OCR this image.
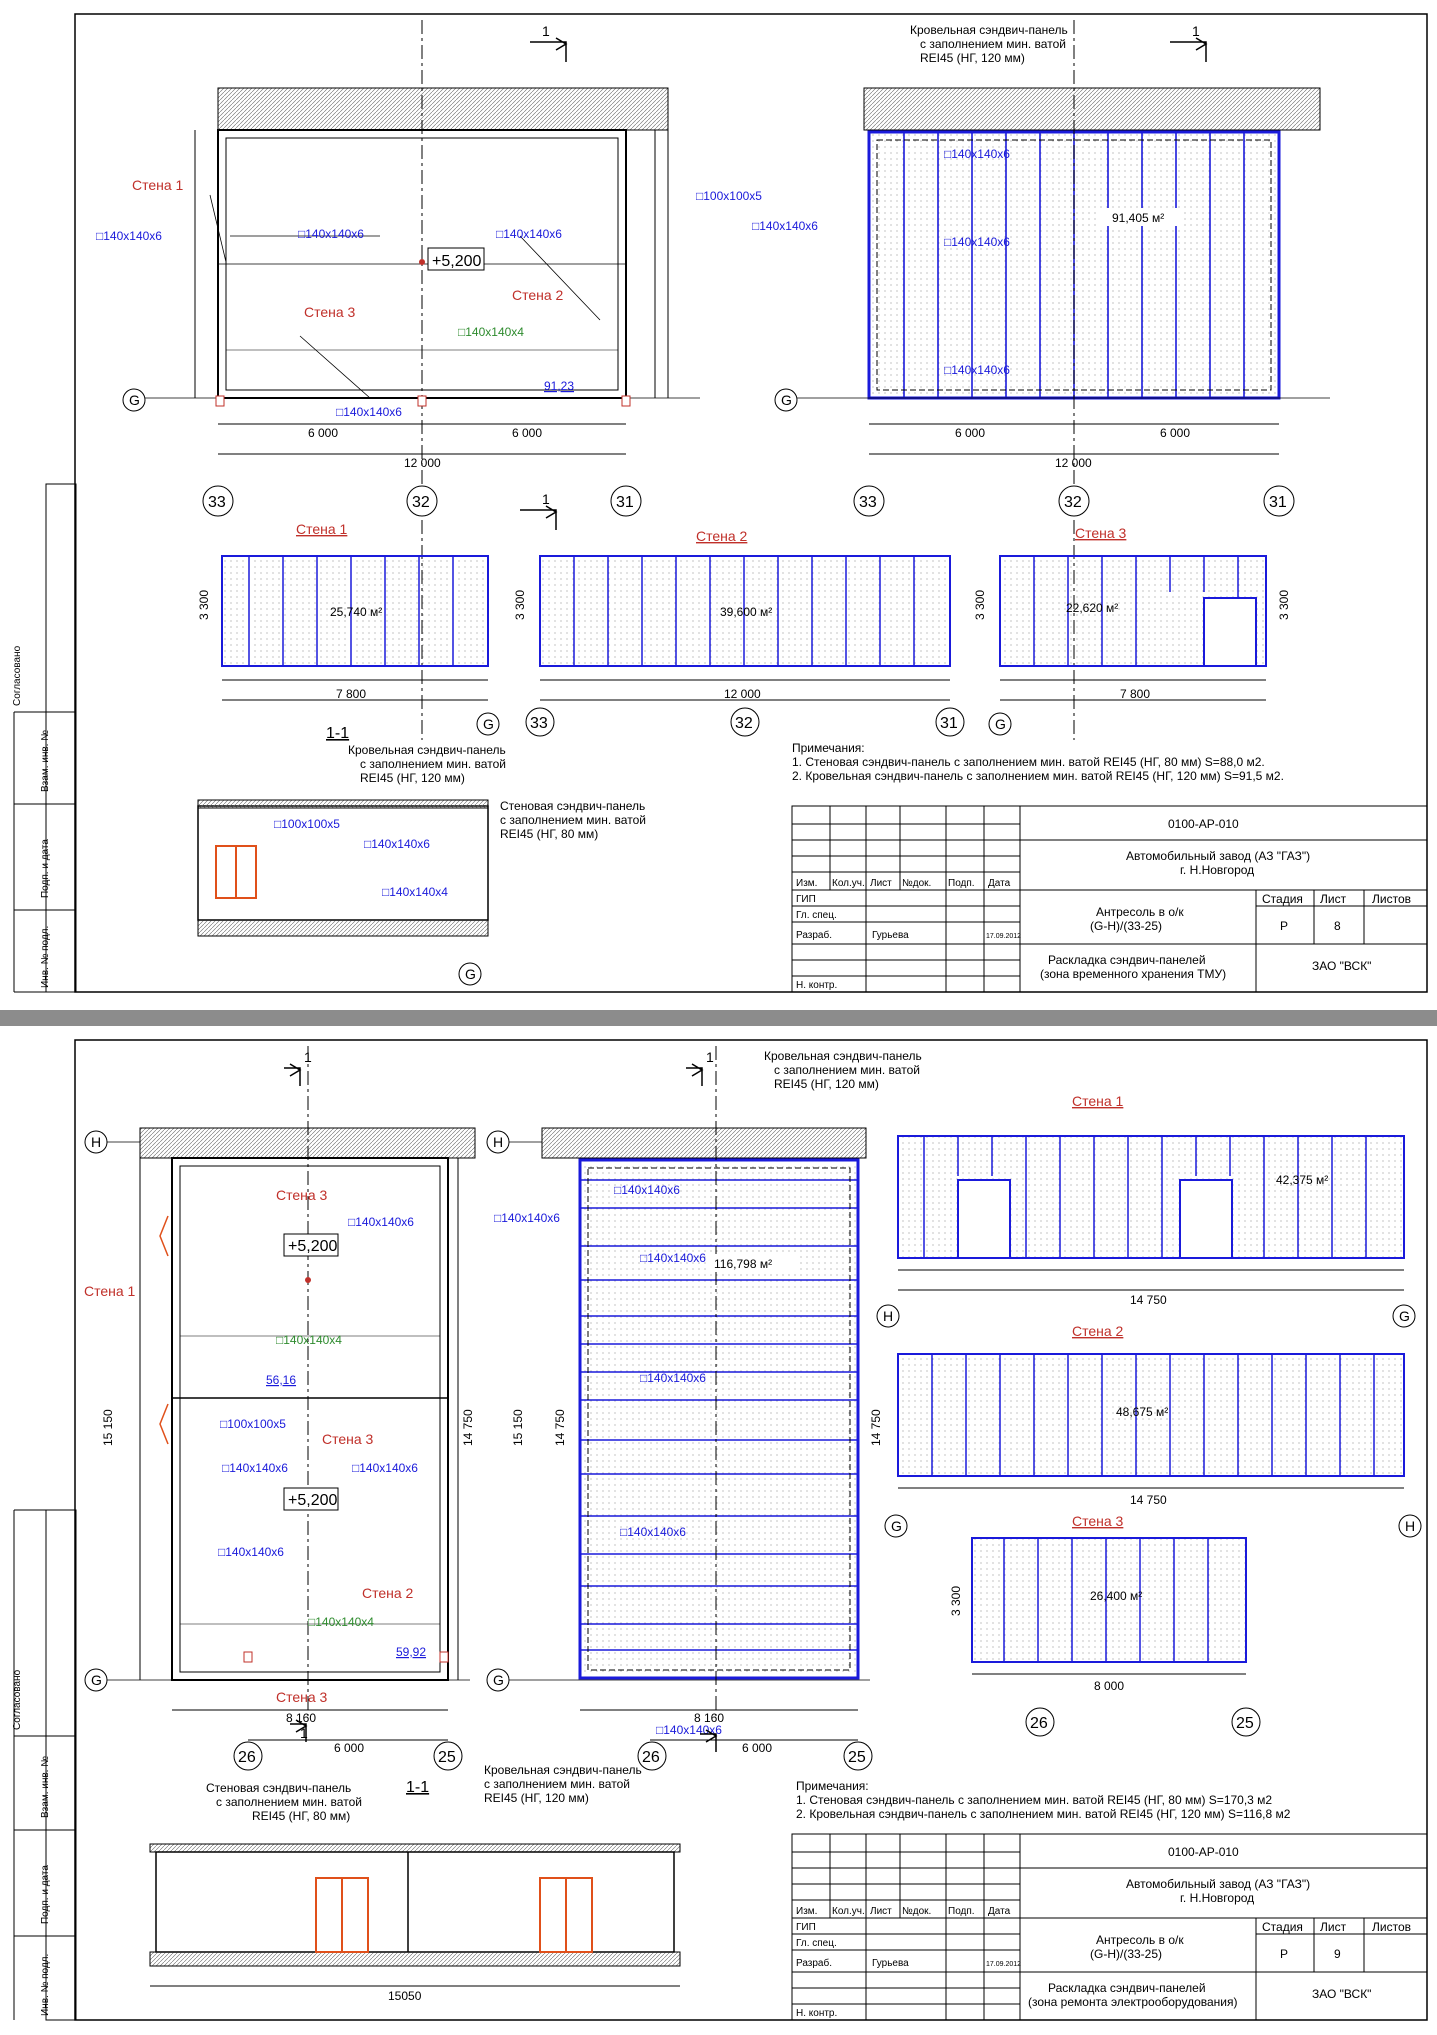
Стена 1
Стена 3
Стена 2
□140x140x6	□140x140x6	□140x140x6
□140x140x6
□100x100x5
□140x140x4
+5,200
91,23
6 000	6 000
12 000
G
33	32	31
1
6 000	6 000
12 000
91,405 м²
□140x140x6
□140x140x6
□140x140x6
□140x140x6
Кровельная сэндвич-панель
с заполнением мин. ватой
REI45 (НГ, 120 мм)
G
33	32	31
1
Стена 1	Стена 2	Стена 3
25,740 м²
7 800
39,600 м²
12 000
33	32	31
22,620 м²
7 800
3 300
3 300	3 300	3 300
G	G
1
1-1
Кровельная сэндвич-панель
с заполнением мин. ватой
REI45 (НГ, 120 мм)
Стеновая сэндвич-панель
с заполнением мин. ватой
REI45 (НГ, 80 мм)
□100x100x5
□140x140x6
□140x140x4
G
Примечания:
1. Стеновая сэндвич-панель с заполнением мин. ватой REI45 (НГ, 80 мм) S=88,0 м2.
2. Кровельная сэндвич-панель с заполнением мин. ватой REI45 (НГ, 120 мм) S=91,5 м2.
Согласовано
Взам. инв. №
Подп. и дата
Инв. № подл.
0100-АР-010
Автомобильный завод (АЗ "ГАЗ")
г. Н.Новгород
Антресоль в о/к
(G-H)/(33-25)
Раскладка сэндвич-панелей
(зона временного хранения ТМУ)
ЗАО "ВСК"
Стадия Лист Листов
Р	8
Изм. Кол.уч. Лист №док. Подп. Дата
ГИП
Гл. спец.
Разраб.	Гурьева	17.09.2012
Н. контр.
+5,200
+5,200
Стена 3
Стена 1
Стена 3
Стена 2
Стена 3
□140x140x6
□140x140x4
□100x100x5
□140x140x6	□140x140x6
□140x140x6
□140x140x4
56,16
59,92
15 150	14 750
8 160
6 000
H
G
26	25
1
116,798 м²
□140x140x6
□140x140x6
□140x140x6
□140x140x6
□140x140x6
□140x140x6
Кровельная сэндвич-панель
с заполнением мин. ватой
REI45 (НГ, 120 мм)
15 150 14 750	14 750
8 160
6 000
H
G
26	25
1
1
Стена 1
42,375 м²
14 750
H	G
Стена 2
48,675 м²
14 750
G	H
Стена 3
26,400 м²
8 000
3 300
26	25
1-1
Стеновая сэндвич-панель
с заполнением мин. ватой
REI45 (НГ, 80 мм)
Кровельная сэндвич-панель
с заполнением мин. ватой
REI45 (НГ, 120 мм)
15050
Примечания:
1. Стеновая сэндвич-панель с заполнением мин. ватой REI45 (НГ, 80 мм) S=170,3 м2
2. Кровельная сэндвич-панель с заполнением мин. ватой REI45 (НГ, 120 мм) S=116,8 м2
Согласовано
Взам. инв. №
Подп. и дата
Инв. № подл.
0100-АР-010
Автомобильный завод (АЗ "ГАЗ")
г. Н.Новгород
Антресоль в о/к
(G-H)/(33-25)
Раскладка сэндвич-панелей
(зона ремонта электрооборудования)
ЗАО "ВСК"
Стадия Лист Листов
Р	9
Изм. Кол.уч. Лист №док. Подп. Дата
ГИП
Гл. спец.
Разраб.	Гурьева	17.09.2012
Н. контр.
